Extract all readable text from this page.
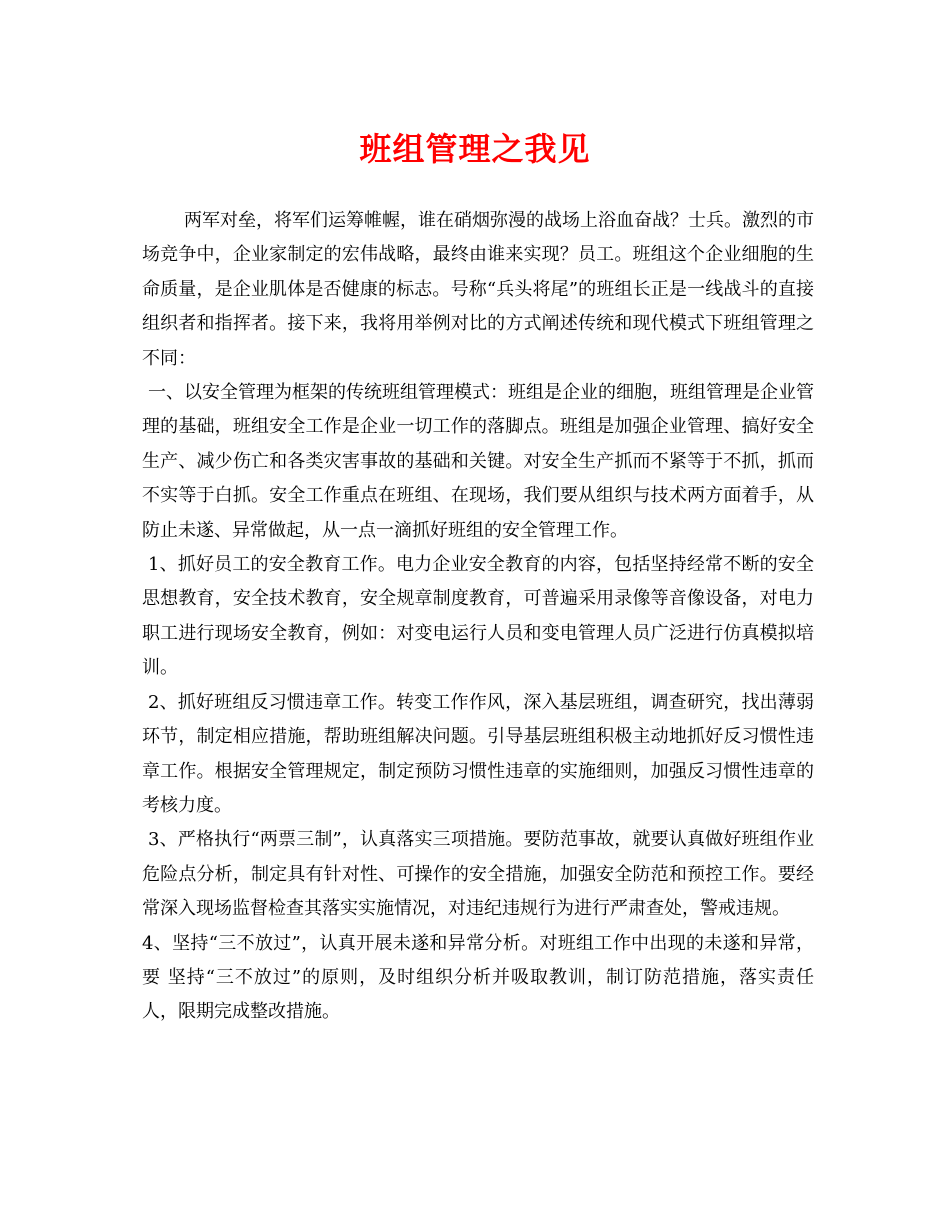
班组管理之我见

两军对垒，将军们运筹帷幄，谁在硝烟弥漫的战场上浴血奋战？士兵。激烈的市场竞争中，企业家制定的宏伟战略，最终由谁来实现？员工。班组这个企业细胞的生命质量，是企业肌体是否健康的标志。号称“兵头将尾”的班组长正是一线战斗的直接组织者和指挥者。接下来，我将用举例对比的方式阐述传统和现代模式下班组管理之不同：

一、以安全管理为框架的传统班组管理模式：班组是企业的细胞，班组管理是企业管理的基础，班组安全工作是企业一切工作的落脚点。班组是加强企业管理、搞好安全生产、减少伤亡和各类灾害事故的基础和关键。对安全生产抓而不紧等于不抓，抓而不实等于白抓。安全工作重点在班组、在现场，我们要从组织与技术两方面着手，从防止未遂、异常做起，从一点一滴抓好班组的安全管理工作。

1、抓好员工的安全教育工作。电力企业安全教育的内容，包括坚持经常不断的安全思想教育，安全技术教育，安全规章制度教育，可普遍采用录像等音像设备，对电力职工进行现场安全教育，例如：对变电运行人员和变电管理人员广泛进行仿真模拟培训。

2、抓好班组反习惯违章工作。转变工作作风，深入基层班组，调查研究，找出薄弱环节，制定相应措施，帮助班组解决问题。引导基层班组积极主动地抓好反习惯性违章工作。根据安全管理规定，制定预防习惯性违章的实施细则，加强反习惯性违章的考核力度。

3、严格执行“两票三制”，认真落实三项措施。要防范事故，就要认真做好班组作业危险点分析，制定具有针对性、可操作的安全措施，加强安全防范和预控工作。要经常深入现场监督检查其落实实施情况，对违纪违规行为进行严肃查处，警戒违规。

4、坚持“三不放过”，认真开展未遂和异常分析。对班组工作中出现的未遂和异常，要 坚持“三不放过”的原则，及时组织分析并吸取教训，制订防范措施，落实责任人，限期完成整改措施。
